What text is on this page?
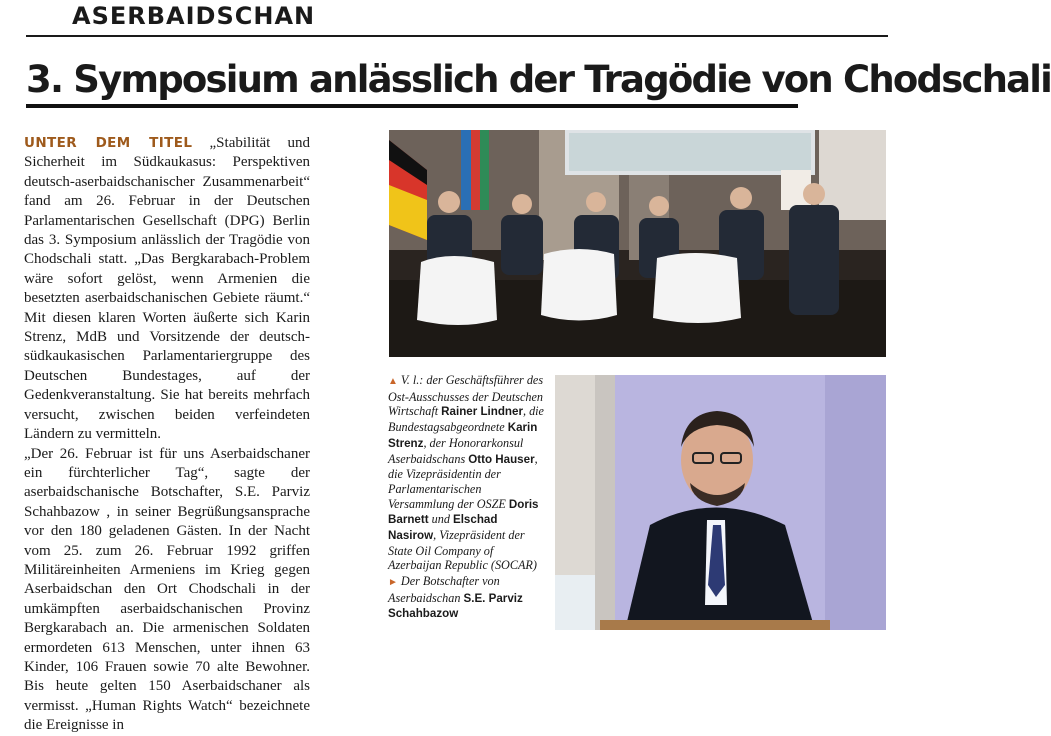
ASERBAIDSCHAN
3. Symposium anlässlich der Tragödie von Chodschali

UNTER DEM TITEL „Stabilität und Sicherheit im Südkaukasus: Perspektiven deutsch-aserbaidschanischer Zusammenarbeit“ fand am 26. Februar in der Deutschen Parlamentarischen Gesellschaft (DPG) Berlin das 3. Symposium anlässlich der Tragödie von Chodschali statt. „Das Bergkarabach-Problem wäre sofort gelöst, wenn Armenien die besetzten aserbaidschanischen Gebiete räumt.“ Mit diesen klaren Worten äußerte sich Karin Strenz, MdB und Vorsitzende der deutsch-südkaukasischen Parlamentariergruppe des Deutschen Bundestages, auf der Gedenkveranstaltung. Sie hat bereits mehrfach versucht, zwischen beiden verfeindeten Ländern zu vermitteln.

„Der 26. Februar ist für uns Aserbaidschaner ein fürchterlicher Tag“, sagte der aserbaidschanische Botschafter, S.E. Parviz Schahbazow , in seiner Begrüßungsansprache vor den 180 geladenen Gästen. In der Nacht vom 25. zum 26. Februar 1992 griffen Militäreinheiten Armeniens im Krieg gegen Aserbaidschan den Ort Chodschali in der umkämpften aserbaidschanischen Provinz Bergkarabach an. Die armenischen Soldaten ermordeten 613 Menschen, unter ihnen 63 Kinder, 106 Frauen sowie 70 alte Bewohner. Bis heute gelten 150 Aserbaidschaner als vermisst. „Human Rights Watch“ bezeichnete die Ereignisse in

▲ V. l.: der Geschäftsführer des Ost-Ausschusses der Deutschen Wirtschaft Rainer Lindner, die Bundestagsabgeordnete Karin Strenz, der Honorarkonsul Aserbaidschans Otto Hauser, die Vizepräsidentin der Parlamentarischen Versammlung der OSZE Doris Barnett und Elschad Nasirow, Vizepräsident der State Oil Company of Azerbaijan Republic (SOCAR)
► Der Botschafter von Aserbaidschan S.E. Parviz Schahbazow
